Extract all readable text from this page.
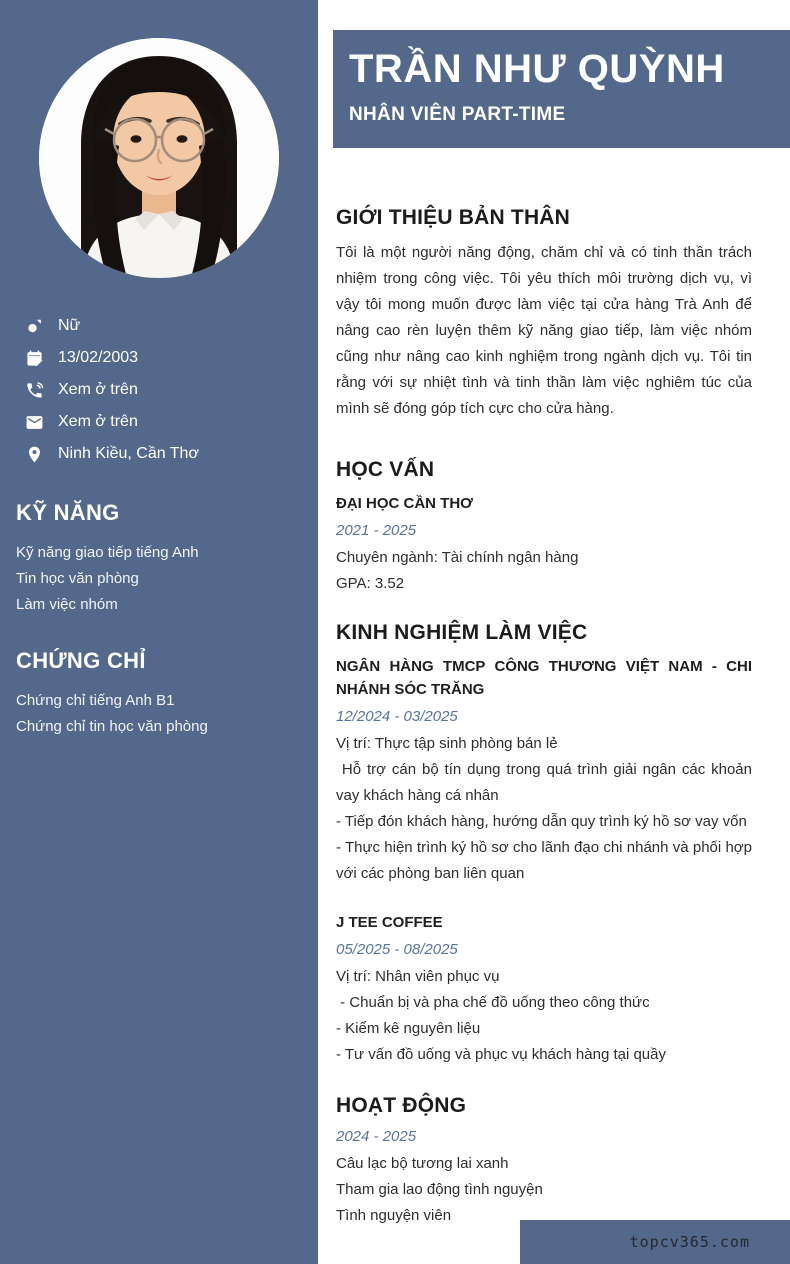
Nữ
13/02/2003
Xem ở trên
Xem ở trên
Ninh Kiều, Cần Thơ
KỸ NĂNG
Kỹ năng giao tiếp tiếng Anh
Tin học văn phòng
Làm việc nhóm
CHỨNG CHỈ
Chứng chỉ tiếng Anh B1
Chứng chỉ tin học văn phòng
TRẦN NHƯ QUỲNH
NHÂN VIÊN PART-TIME
GIỚI THIỆU BẢN THÂN

Tôi là một người năng động, chăm chỉ và có tinh thần trách nhiệm trong công việc. Tôi yêu thích môi trường dịch vụ, vì vậy tôi mong muốn được làm việc tại cửa hàng Trà Anh để nâng cao rèn luyện thêm kỹ năng giao tiếp, làm việc nhóm cũng như nâng cao kinh nghiệm trong ngành dịch vụ. Tôi tin rằng với sự nhiệt tình và tinh thần làm việc nghiêm túc của mình sẽ đóng góp tích cực cho cửa hàng.

HỌC VẤN
ĐẠI HỌC CẦN THƠ
2021 - 2025
Chuyên ngành: Tài chính ngân hàng
GPA: 3.52
KINH NGHIỆM LÀM VIỆC
NGÂN HÀNG TMCP CÔNG THƯƠNG VIỆT NAM - CHI NHÁNH SÓC TRĂNG
12/2024 - 03/2025
Vị trí: Thực tập sinh phòng bán lẻ
Hỗ trợ cán bộ tín dụng trong quá trình giải ngân các khoản vay khách hàng cá nhân
- Tiếp đón khách hàng, hướng dẫn quy trình ký hồ sơ vay vốn
- Thực hiện trình ký hồ sơ cho lãnh đạo chi nhánh và phối hợp với các phòng ban liên quan
J TEE COFFEE
05/2025 - 08/2025
Vị trí: Nhân viên phục vụ
- Chuẩn bị và pha chế đồ uống theo công thức
- Kiểm kê nguyên liệu
- Tư vấn đồ uống và phục vụ khách hàng tại quầy
HOẠT ĐỘNG
2024 - 2025
Câu lạc bộ tương lai xanh
Tham gia lao động tình nguyện
Tình nguyện viên
topcv365.com
